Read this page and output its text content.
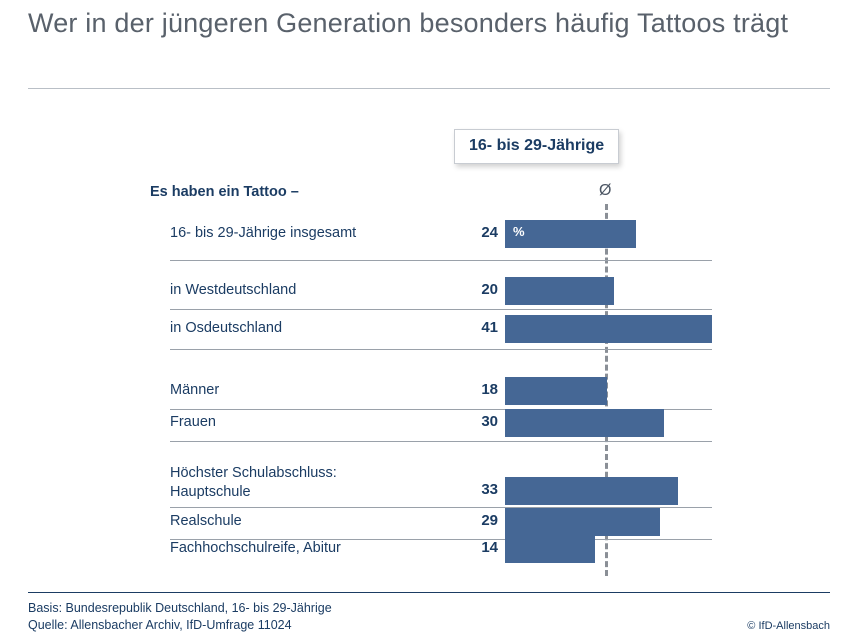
Wer in der jüngeren Generation besonders häufig Tattoos trägt
16- bis 29-Jährige
Es haben ein Tattoo –	Ø
16- bis 29-Jährige insgesamt	24 %
in Westdeutschland	20
in Osdeutschland	41
Männer	18
Frauen	30
Höchster Schulabschluss:
Hauptschule	33
Realschule	29
Fachhochschulreife, Abitur	14
Basis: Bundesrepublik Deutschland, 16- bis 29-Jährige
Quelle: Allensbacher Archiv, IfD-Umfrage 11024	© IfD-Allensbach
